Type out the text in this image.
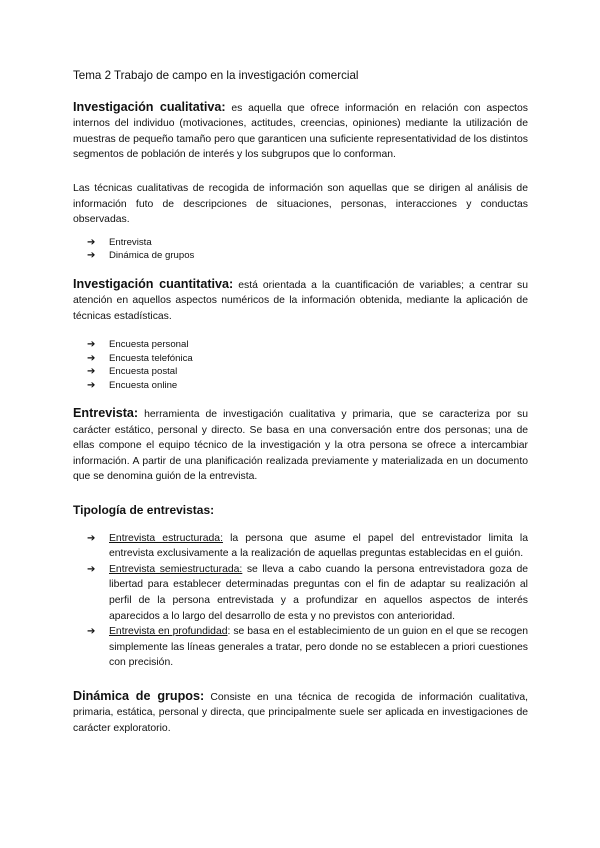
Tema 2 Trabajo de campo en la investigación comercial

Investigación cualitativa: es aquella que ofrece información en relación con aspectos internos del individuo (motivaciones, actitudes, creencias, opiniones) mediante la utilización de muestras de pequeño tamaño pero que garanticen una suficiente representatividad de los distintos segmentos de población de interés y los subgrupos que lo conforman.

Las técnicas cualitativas de recogida de información son aquellas que se dirigen al análisis de información futo de descripciones de situaciones, personas, interacciones y conductas observadas.

➔ Entrevista
➔ Dinámica de grupos

Investigación cuantitativa: está orientada a la cuantificación de variables; a centrar su atención en aquellos aspectos numéricos de la información obtenida, mediante la aplicación de técnicas estadísticas.

➔ Encuesta personal
➔ Encuesta telefónica
➔ Encuesta postal
➔ Encuesta online

Entrevista: herramienta de investigación cualitativa y primaria, que se caracteriza por su carácter estático, personal y directo. Se basa en una conversación entre dos personas; una de ellas compone el equipo técnico de la investigación y la otra persona se ofrece a intercambiar información. A partir de una planificación realizada previamente y materializada en un documento que se denomina guión de la entrevista.

Tipología de entrevistas:
➔ Entrevista estructurada: la persona que asume el papel del entrevistador limita la entrevista exclusivamente a la realización de aquellas preguntas establecidas en el guión.
➔ Entrevista semiestructurada: se lleva a cabo cuando la persona entrevistadora goza de libertad para establecer determinadas preguntas con el fin de adaptar su realización al perfil de la persona entrevistada y a profundizar en aquellos aspectos de interés aparecidos a lo largo del desarrollo de esta y no previstos con anterioridad.
➔ Entrevista en profundidad: se basa en el establecimiento de un guion en el que se recogen simplemente las líneas generales a tratar, pero donde no se establecen a priori cuestiones con precisión.

Dinámica de grupos: Consiste en una técnica de recogida de información cualitativa, primaria, estática, personal y directa, que principalmente suele ser aplicada en investigaciones de carácter exploratorio.
